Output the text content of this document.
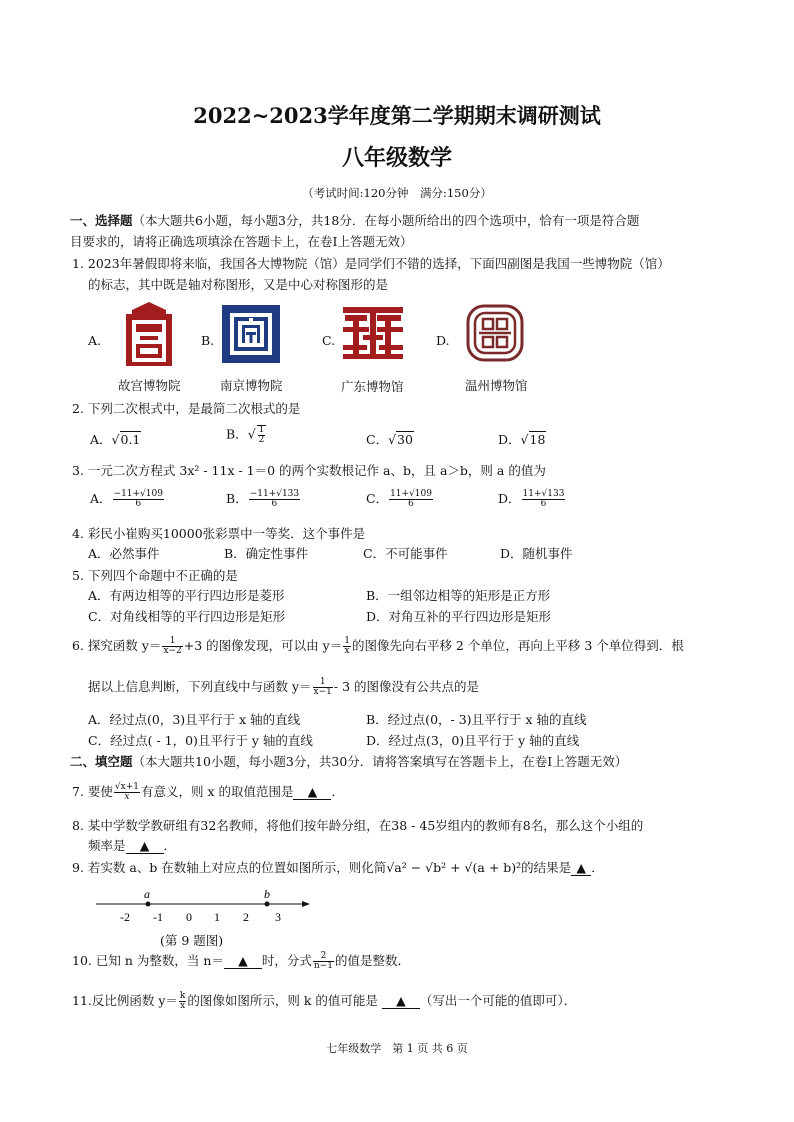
2022~2023学年度第二学期期末调研测试
八年级数学
（考试时间:120分钟　满分:150分）
一、选择题（本大题共6小题，每小题3分，共18分．在每小题所给出的四个选项中，恰有一项是符合题
目要求的，请将正确选项填涂在答题卡上，在卷I上答题无效）
1. 2023年暑假即将来临，我国各大博物院（馆）是同学们不错的选择，下面四副图是我国一些博物院（馆）
的标志，其中既是轴对称图形，又是中心对称图形的是
A.
故宫博物院
B.
南京博物院
C.
广东博物馆
D.
温州博物馆
2. 下列二次根式中，是最简二次根式的是
A．√0.1	B．√ $\frac{1}{2}$	C．√30	D．√18
3. 一元二次方程式 3x² - 11x - 1＝0 的两个实数根记作 a、b，且 a＞b，则 a 的值为
A． $\frac{-11+√109}{6}$	B． $\frac{-11+√133}{6}$	C． $\frac{11+√109}{6}$	D． $\frac{11+√133}{6}$
4. 彩民小崔购买10000张彩票中一等奖．这个事件是
A．必然事件	B．确定性事件	C．不可能事件	D．随机事件
5. 下列四个命题中不正确的是
A．有两边相等的平行四边形是菱形	B．一组邻边相等的矩形是正方形
C．对角线相等的平行四边形是矩形	D．对角互补的平行四边形是矩形
6. 探究函数 $y= \frac{1}{x-2} +3$ 的图像发现，可以由 $y= \frac{1}{x}$ 的图像先向右平移 2 个单位，再向上平移 3 个单位得到．根
据以上信息判断，下列直线中与函数 $y= \frac{1}{x-1} - 3$ 的图像没有公共点的是
A．经过点(0，3)且平行于 x 轴的直线	B．经过点(0，- 3)且平行于 x 轴的直线
C．经过点( - 1，0)且平行于 y 轴的直线	D．经过点(3，0)且平行于 y 轴的直线
二、填空题（本大题共10小题，每小题3分，共30分．请将答案填写在答题卡上，在卷I上答题无效）
7. 要使 $\frac{√x+1}{x}$ 有意义，则 x 的取值范围是 ▲ ．
8. 某中学数学教研组有32名教师，将他们按年龄分组，在38 - 45岁组内的教师有8名，那么这个小组的
频率是 ▲ ．
9. 若实数 a、b 在数轴上对应点的位置如图所示，则化简√a² − √b² + √(a + b)²的结果是 ▲ ．
a	b
-2 -1 0 1 2 3
(第 9 题图)
10. 已知 n 为整数，当 n＝ ▲ 时，分式 $\frac{2}{n-1}$ 的值是整数．
11.反比例函数 $y= \frac{k}{x}$ 的图像如图所示，则 k 的值可能是 ▲ （写出一个可能的值即可）．
七年级数学　第 1 页 共 6 页
